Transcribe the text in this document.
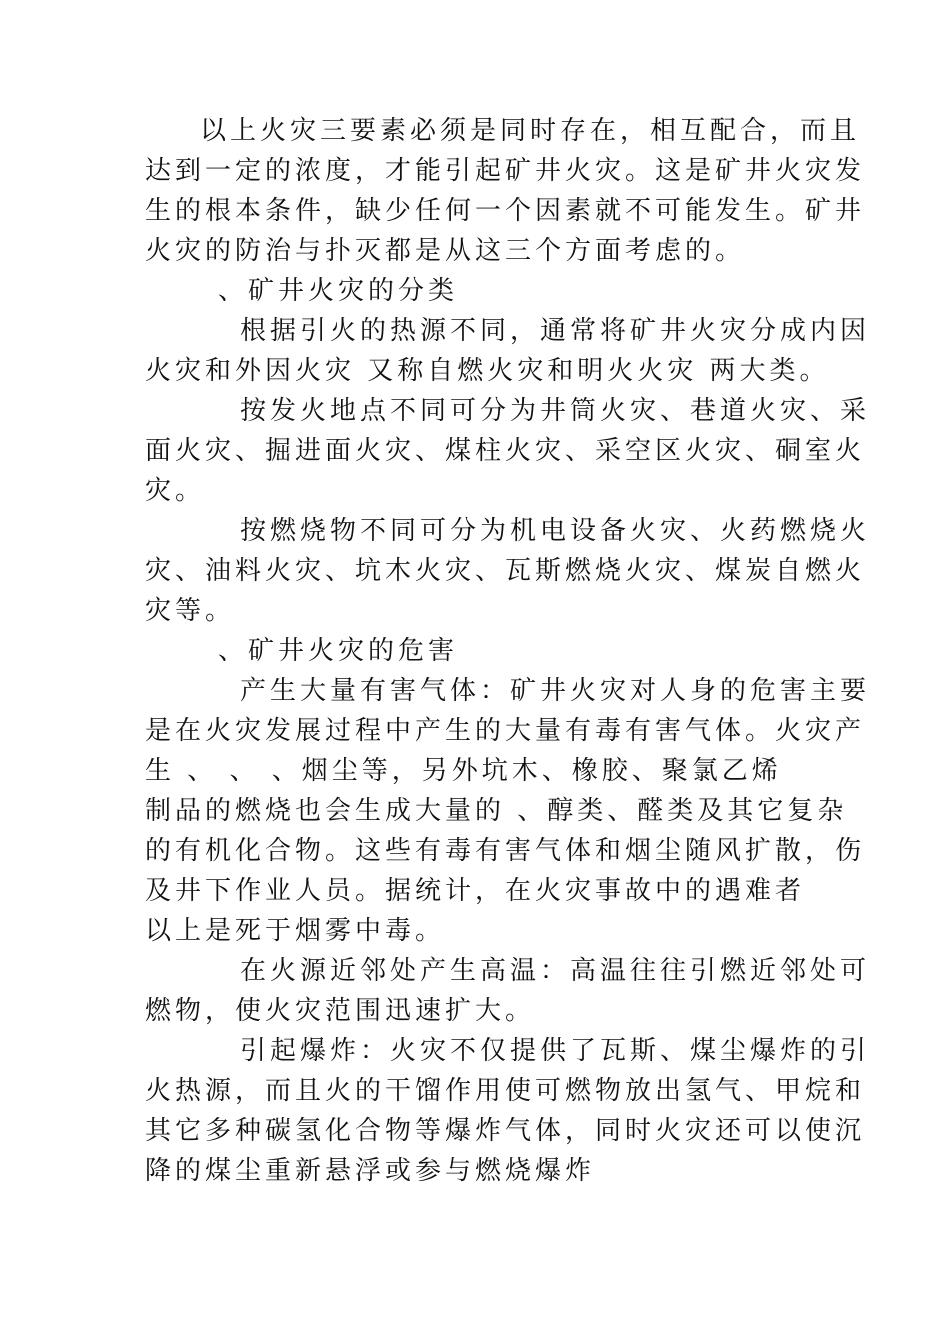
以上火灾三要素必须是同时存在，相互配合，而且
达到一定的浓度，才能引起矿井火灾。这是矿井火灾发
生的根本条件，缺少任何一个因素就不可能发生。矿井
火灾的防治与扑灭都是从这三个方面考虑的。
、矿井火灾的分类
根据引火的热源不同，通常将矿井火灾分成内因
火灾和外因火灾 又称自燃火灾和明火火灾 两大类。
按发火地点不同可分为井筒火灾、巷道火灾、采
面火灾、掘进面火灾、煤柱火灾、采空区火灾、硐室火
灾。
按燃烧物不同可分为机电设备火灾、火药燃烧火
灾、油料火灾、坑木火灾、瓦斯燃烧火灾、煤炭自燃火
灾等。
、矿井火灾的危害
产生大量有害气体：矿井火灾对人身的危害主要
是在火灾发展过程中产生的大量有毒有害气体。火灾产
生 、 、 、烟尘等，另外坑木、橡胶、聚氯乙烯
制品的燃烧也会生成大量的 、醇类、醛类及其它复杂
的有机化合物。这些有毒有害气体和烟尘随风扩散，伤
及井下作业人员。据统计，在火灾事故中的遇难者
以上是死于烟雾中毒。
在火源近邻处产生高温：高温往往引燃近邻处可
燃物，使火灾范围迅速扩大。
引起爆炸：火灾不仅提供了瓦斯、煤尘爆炸的引
火热源，而且火的干馏作用使可燃物放出氢气、甲烷和
其它多种碳氢化合物等爆炸气体，同时火灾还可以使沉
降的煤尘重新悬浮或参与燃烧爆炸
